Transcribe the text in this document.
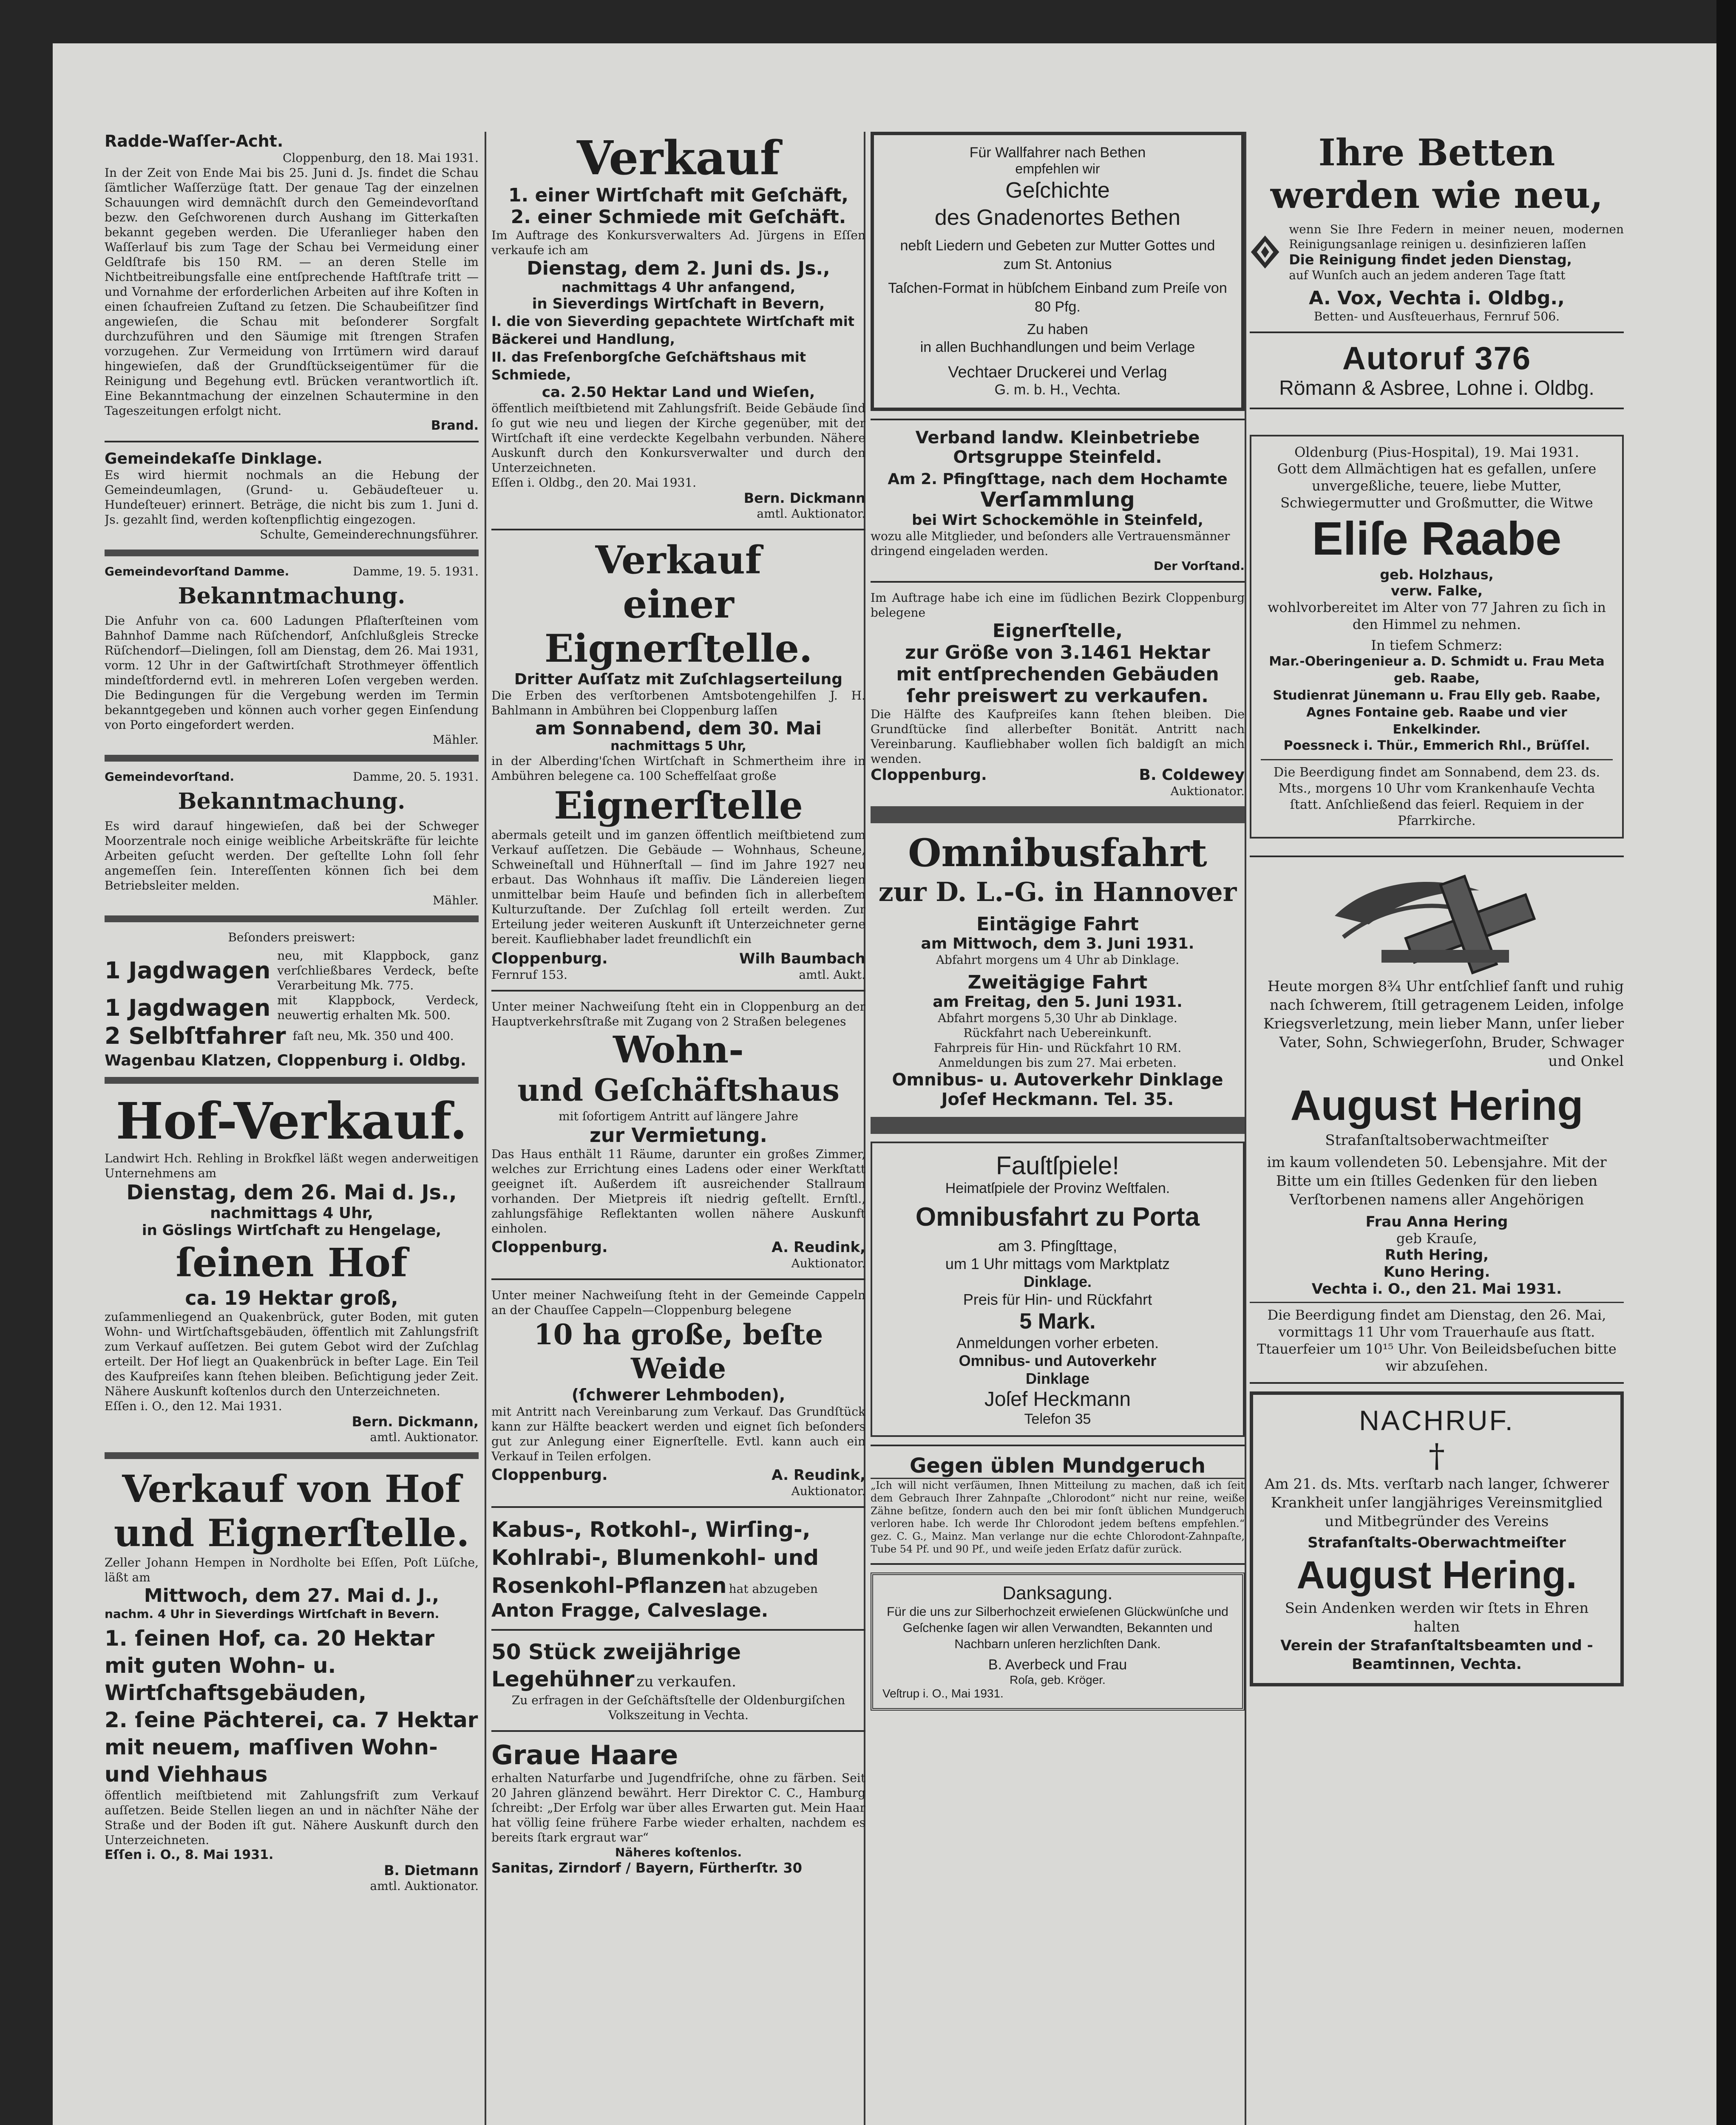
Radde-Waſſer-Acht.
Cloppenburg, den 18. Mai 1931.
In der Zeit von Ende Mai bis 25. Juni d. Js. findet die Schau ſämtlicher Waſſerzüge ſtatt. Der genaue Tag der einzelnen Schauungen wird demnächſt durch den Gemeindevorſtand bezw. den Geſchworenen durch Aushang im Gitterkaſten bekannt gegeben werden. Die Uferanlieger haben den Waſſerlauf bis zum Tage der Schau bei Vermeidung einer Geldſtrafe bis 150 RM. — an deren Stelle im Nichtbeitreibungsfalle eine entſprechende Haftſtrafe tritt — und Vornahme der erforderlichen Arbeiten auf ihre Koſten in einen ſchaufreien Zuſtand zu ſetzen. Die Schaubeiſitzer ſind angewieſen, die Schau mit beſonderer Sorgfalt durchzuführen und den Säumige mit ſtrengen Strafen vorzugehen. Zur Vermeidung von Irrtümern wird darauf hingewieſen, daß der Grundſtückseigentümer für die Reinigung und Begehung evtl. Brücken verantwortlich iſt. Eine Bekanntmachung der einzelnen Schautermine in den Tageszeitungen erfolgt nicht.
Brand.
Gemeindekaſſe Dinklage.
Es wird hiermit nochmals an die Hebung der Gemeindeumlagen, (Grund- u. Gebäudeſteuer u. Hundeſteuer) erinnert. Beträge, die nicht bis zum 1. Juni d. Js. gezahlt ſind, werden koſtenpflichtig eingezogen.
Schulte, Gemeinderechnungsführer.
Gemeindevorſtand Damme.	Damme, 19. 5. 1931.
Bekanntmachung.
Die Anfuhr von ca. 600 Ladungen Pflaſterſteinen vom Bahnhof Damme nach Rüſchendorf, Anſchlußgleis Strecke Rüſchendorf—Dielingen, ſoll am Dienstag, dem 26. Mai 1931, vorm. 12 Uhr in der Gaſtwirtſchaft Strothmeyer öffentlich mindeſtfordernd evtl. in mehreren Loſen vergeben werden. Die Bedingungen für die Vergebung werden im Termin bekanntgegeben und können auch vorher gegen Einſendung von Porto eingefordert werden.
Mähler.
Gemeindevorſtand.	Damme, 20. 5. 1931.
Bekanntmachung.
Es wird darauf hingewieſen, daß bei der Schweger Moorzentrale noch einige weibliche Arbeitskräfte für leichte Arbeiten geſucht werden. Der geſtellte Lohn ſoll ſehr angemeſſen ſein. Intereſſenten können ſich bei dem Betriebsleiter melden.
Mähler.
Beſonders preiswert:
1 Jagdwagen
neu, mit Klappbock, ganz verſchließbares Verdeck, beſte Verarbeitung Mk. 775.
1 Jagdwagen mit Klappbock, Verdeck, neuwertig erhalten Mk. 500.
2 Selbſtfahrer faſt neu, Mk. 350 und 400.
Wagenbau Klatzen, Cloppenburg i. Oldbg.
Hof-Verkauf.
Landwirt Hch. Rehling in Brokfkel läßt wegen anderweitigen Unternehmens am
Dienstag, dem 26. Mai d. Js.,
nachmittags 4 Uhr,
in Göslings Wirtſchaft zu Hengelage,
ſeinen Hof
ca. 19 Hektar groß,
zuſammenliegend an Quakenbrück, guter Boden, mit guten Wohn- und Wirtſchaftsgebäuden, öffentlich mit Zahlungsfriſt zum Verkauf auſſetzen. Bei gutem Gebot wird der Zuſchlag erteilt. Der Hof liegt an Quakenbrück in beſter Lage. Ein Teil des Kaufpreiſes kann ſtehen bleiben. Beſichtigung jeder Zeit. Nähere Auskunft koſtenlos durch den Unterzeichneten.
Eſſen i. O., den 12. Mai 1931.
Bern. Dickmann,
amtl. Auktionator.
Verkauf von Hof
und Eignerſtelle.
Zeller Johann Hempen in Nordholte bei Eſſen, Poſt Lüſche, läßt am
Mittwoch, dem 27. Mai d. J.,
nachm. 4 Uhr in Sieverdings Wirtſchaft in Bevern.
1. ſeinen Hof, ca. 20 Hektar mit guten Wohn- u. Wirtſchaftsgebäuden,
2. ſeine Pächterei, ca. 7 Hektar mit neuem, maſſiven Wohn- und Viehhaus
öffentlich meiſtbietend mit Zahlungsfriſt zum Verkauf auſſetzen. Beide Stellen liegen an und in nächſter Nähe der Straße und der Boden iſt gut. Nähere Auskunft durch den Unterzeichneten.
Eſſen i. O., 8. Mai 1931.
B. Dietmann
amtl. Auktionator.
Verkauf
1. einer Wirtſchaft mit Geſchäft,
2. einer Schmiede mit Geſchäft.
Im Auftrage des Konkursverwalters Ad. Jürgens in Eſſen verkaufe ich am
Dienstag, dem 2. Juni ds. Js.,
nachmittags 4 Uhr anfangend,
in Sieverdings Wirtſchaft in Bevern,
I. die von Sieverding gepachtete Wirtſchaft mit Bäckerei und Handlung,
II. das Freſenborgſche Geſchäftshaus mit Schmiede,
ca. 2.50 Hektar Land und Wieſen,
öffentlich meiſtbietend mit Zahlungsfriſt. Beide Gebäude ſind ſo gut wie neu und liegen der Kirche gegenüber, mit der Wirtſchaft iſt eine verdeckte Kegelbahn verbunden. Nähere Auskunft durch den Konkursverwalter und durch den Unterzeichneten.
Eſſen i. Oldbg., den 20. Mai 1931.
Bern. Dickmann
amtl. Auktionator.
Verkauf
einer Eignerſtelle.
Dritter Auſſatz mit Zuſchlagserteilung
Die Erben des verſtorbenen Amtsbotengehilfen J. H. Bahlmann in Ambühren bei Cloppenburg laſſen
am Sonnabend, dem 30. Mai
nachmittags 5 Uhr,
in der Alberding'ſchen Wirtſchaft in Schmertheim ihre in Ambühren belegene ca. 100 Scheffelſaat große
Eignerſtelle
abermals geteilt und im ganzen öffentlich meiſtbietend zum Verkauf auſſetzen. Die Gebäude — Wohnhaus, Scheune, Schweineſtall und Hühnerſtall — ſind im Jahre 1927 neu erbaut. Das Wohnhaus iſt maſſiv. Die Ländereien liegen unmittelbar beim Hauſe und befinden ſich in allerbeſtem Kulturzuſtande. Der Zuſchlag ſoll erteilt werden. Zur Erteilung jeder weiteren Auskunft iſt Unterzeichneter gerne bereit. Kaufliebhaber ladet freundlichſt ein
Cloppenburg.	Wilh Baumbach
Fernruf 153.	amtl. Aukt.
Unter meiner Nachweiſung ſteht ein in Cloppenburg an der Hauptverkehrsſtraße mit Zugang von 2 Straßen belegenes
Wohn-
und Geſchäftshaus
mit ſofortigem Antritt auf längere Jahre
zur Vermietung.
Das Haus enthält 11 Räume, darunter ein großes Zimmer, welches zur Errichtung eines Ladens oder einer Werkſtatt geeignet iſt. Außerdem iſt ausreichender Stallraum vorhanden. Der Mietpreis iſt niedrig geſtellt. Ernſtl., zahlungsfähige Reflektanten wollen nähere Auskunft einholen.
Cloppenburg.	A. Reudink,
Auktionator.
Unter meiner Nachweiſung ſteht in der Gemeinde Cappeln an der Chauſſee Cappeln—Cloppenburg belegene
10 ha große, beſte Weide
(ſchwerer Lehmboden),
mit Antritt nach Vereinbarung zum Verkauf. Das Grundſtück kann zur Hälfte beackert werden und eignet ſich beſonders gut zur Anlegung einer Eignerſtelle. Evtl. kann auch ein Verkauf in Teilen erfolgen.
Cloppenburg.	A. Reudink,
Auktionator.
Kabus-, Rotkohl-, Wirſing-, Kohlrabi-, Blumenkohl- und Rosenkohl-Pflanzen hat abzugeben
Anton Fragge, Calveslage.
50 Stück zweijährige Legehühner zu verkaufen.
Zu erfragen in der Geſchäftsſtelle der Oldenburgiſchen Volkszeitung in Vechta.
Graue Haare
erhalten Naturfarbe und Jugendfriſche, ohne zu färben. Seit 20 Jahren glänzend bewährt. Herr Direktor C. C., Hamburg ſchreibt: „Der Erfolg war über alles Erwarten gut. Mein Haar hat völlig ſeine frühere Farbe wieder erhalten, nachdem es bereits ſtark ergraut war“
Näheres koſtenlos.
Sanitas, Zirndorf / Bayern, Fürtherſtr. 30
Für Wallfahrer nach Bethen
empfehlen wir
Geſchichte
des Gnadenortes Bethen
nebſt Liedern und Gebeten zur Mutter Gottes und zum St. Antonius
Taſchen-Format in hübſchem Einband zum Preiſe von 80 Pfg.
Zu haben
in allen Buchhandlungen und beim Verlage
Vechtaer Druckerei und Verlag
G. m. b. H., Vechta.
Verband landw. Kleinbetriebe
Ortsgruppe Steinfeld.
Am 2. Pfingſttage, nach dem Hochamte
Verſammlung
bei Wirt Schockemöhle in Steinfeld,
wozu alle Mitglieder, und beſonders alle Vertrauensmänner dringend eingeladen werden.
Der Vorſtand.
Im Auftrage habe ich eine im ſüdlichen Bezirk Cloppenburg belegene
Eignerſtelle,
zur Größe von 3.1461 Hektar
mit entſprechenden Gebäuden
ſehr preiswert zu verkaufen.
Die Hälfte des Kaufpreiſes kann ſtehen bleiben. Die Grundſtücke ſind allerbeſter Bonität. Antritt nach Vereinbarung. Kaufliebhaber wollen ſich baldigſt an mich wenden.
Cloppenburg.	B. Coldewey
Auktionator.
Omnibusfahrt
zur D. L.-G. in Hannover
Eintägige Fahrt
am Mittwoch, dem 3. Juni 1931.
Abfahrt morgens um 4 Uhr ab Dinklage.
Zweitägige Fahrt
am Freitag, den 5. Juni 1931.
Abfahrt morgens 5,30 Uhr ab Dinklage.
Rückfahrt nach Uebereinkunft.
Fahrpreis für Hin- und Rückfahrt 10 RM.
Anmeldungen bis zum 27. Mai erbeten.
Omnibus- u. Autoverkehr Dinklage
Joſef Heckmann. Tel. 35.
Fauſtſpiele!
Heimatſpiele der Provinz Weſtfalen.
Omnibusfahrt zu Porta
am 3. Pfingſttage,
um 1 Uhr mittags vom Marktplatz
Dinklage.
Preis für Hin- und Rückfahrt
5 Mark.
Anmeldungen vorher erbeten.
Omnibus- und Autoverkehr
Dinklage
Joſef Heckmann
Telefon 35
Gegen üblen Mundgeruch
„Ich will nicht verſäumen, Ihnen Mitteilung zu machen, daß ich ſeit dem Gebrauch Ihrer Zahnpaſte „Chlorodont“ nicht nur reine, weiße Zähne beſitze, ſondern auch den bei mir ſonſt üblichen Mundgeruch verloren habe. Ich werde Ihr Chlorodont jedem beſtens empfehlen.“ gez. C. G., Mainz. Man verlange nur die echte Chlorodont-Zahnpaſte, Tube 54 Pf. und 90 Pf., und weiſe jeden Erſatz dafür zurück.
Danksagung.
Für die uns zur Silberhochzeit erwieſenen Glückwünſche und Geſchenke ſagen wir allen Verwandten, Bekannten und Nachbarn unſeren herzlichſten Dank.
B. Averbeck und Frau
Roſa, geb. Kröger.
Veſtrup i. O., Mai 1931.
Ihre Betten
werden wie neu,
wenn Sie Ihre Federn in meiner neuen, modernen Reinigungsanlage reinigen u. desinfizieren laſſen
Die Reinigung findet jeden Dienstag,
auf Wunſch auch an jedem anderen Tage ſtatt
A. Vox, Vechta i. Oldbg.,
Betten- und Ausſteuerhaus, Fernruf 506.
Autoruf 376
Römann & Asbree, Lohne i. Oldbg.
Oldenburg (Pius-Hospital), 19. Mai 1931.
Gott dem Allmächtigen hat es gefallen, unſere unvergeßliche, teuere, liebe Mutter, Schwiegermutter und Großmutter, die Witwe
Eliſe Raabe
geb. Holzhaus,
verw. Falke,
wohlvorbereitet im Alter von 77 Jahren zu ſich in den Himmel zu nehmen.
In tiefem Schmerz:
Mar.-Oberingenieur a. D. Schmidt u. Frau Meta geb. Raabe,
Studienrat Jünemann u. Frau Elly geb. Raabe,
Agnes Fontaine geb. Raabe und vier Enkelkinder.
Poessneck i. Thür., Emmerich Rhl., Brüſſel.
Die Beerdigung findet am Sonnabend, dem 23. ds. Mts., morgens 10 Uhr vom Krankenhauſe Vechta ſtatt. Anſchließend das feierl. Requiem in der Pfarrkirche.
Heute morgen 8¾ Uhr entſchlief ſanft und ruhig nach ſchwerem, ſtill getragenem Leiden, infolge Kriegsverletzung, mein lieber Mann, unſer lieber Vater, Sohn, Schwiegerſohn, Bruder, Schwager und Onkel
August Hering
Strafanſtaltsoberwachtmeiſter
im kaum vollendeten 50. Lebensjahre. Mit der Bitte um ein ſtilles Gedenken für den lieben Verſtorbenen namens aller Angehörigen
Frau Anna Hering
geb Krauſe,
Ruth Hering,
Kuno Hering.
Vechta i. O., den 21. Mai 1931.
Die Beerdigung findet am Dienstag, den 26. Mai, vormittags 11 Uhr vom Trauerhauſe aus ſtatt. Ttauerfeier um 10¹⁵ Uhr. Von Beileidsbeſuchen bitte wir abzuſehen.
NACHRUF.
†
Am 21. ds. Mts. verſtarb nach langer, ſchwerer Krankheit unſer langjähriges Vereinsmitglied und Mitbegründer des Vereins
Strafanſtalts-Oberwachtmeiſter
August Hering.
Sein Andenken werden wir ſtets in Ehren halten
Verein der Strafanſtaltsbeamten und -Beamtinnen, Vechta.
